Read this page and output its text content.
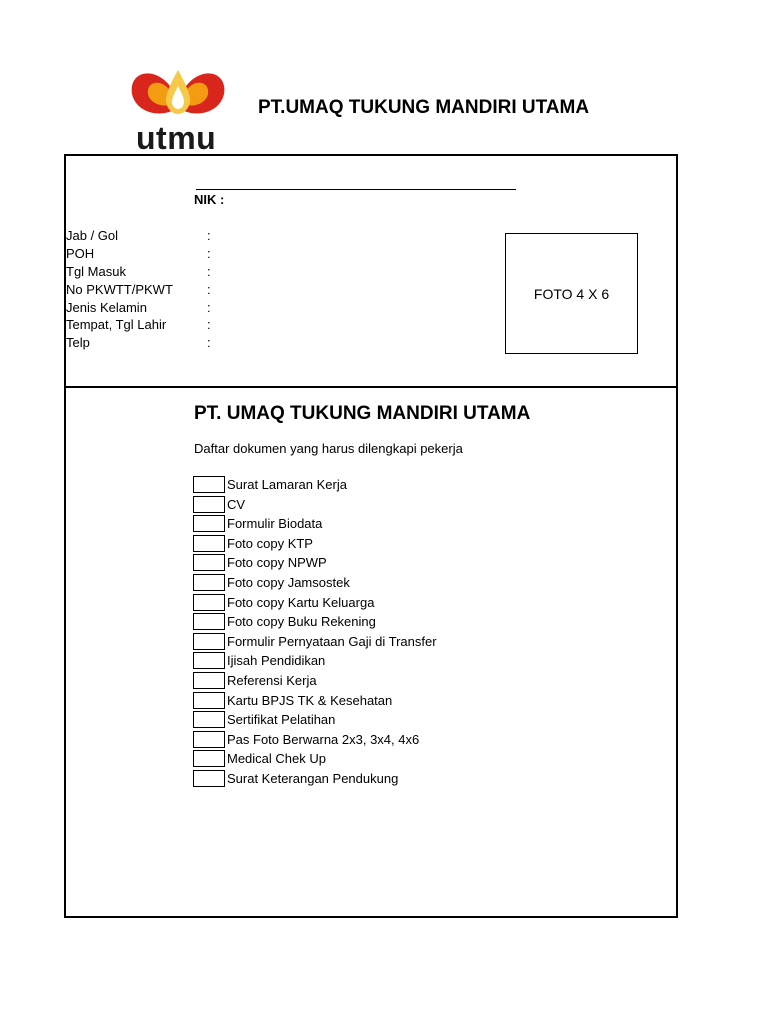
utmu
PT.UMAQ TUKUNG MANDIRI UTAMA
NIK :
Jab / Gol	:
POH	:
Tgl Masuk	:
No PKWTT/PKWT	:
Jenis Kelamin	:
Tempat, Tgl Lahir	:
Telp	:
FOTO 4 X 6
PT. UMAQ TUKUNG MANDIRI UTAMA
Daftar dokumen yang harus dilengkapi pekerja
Surat Lamaran Kerja
CV
Formulir Biodata
Foto copy KTP
Foto copy NPWP
Foto copy Jamsostek
Foto copy Kartu Keluarga
Foto copy Buku Rekening
Formulir Pernyataan Gaji di Transfer
Ijisah Pendidikan
Referensi Kerja
Kartu BPJS TK & Kesehatan
Sertifikat Pelatihan
Pas Foto Berwarna 2x3, 3x4, 4x6
Medical Chek Up
Surat Keterangan Pendukung
